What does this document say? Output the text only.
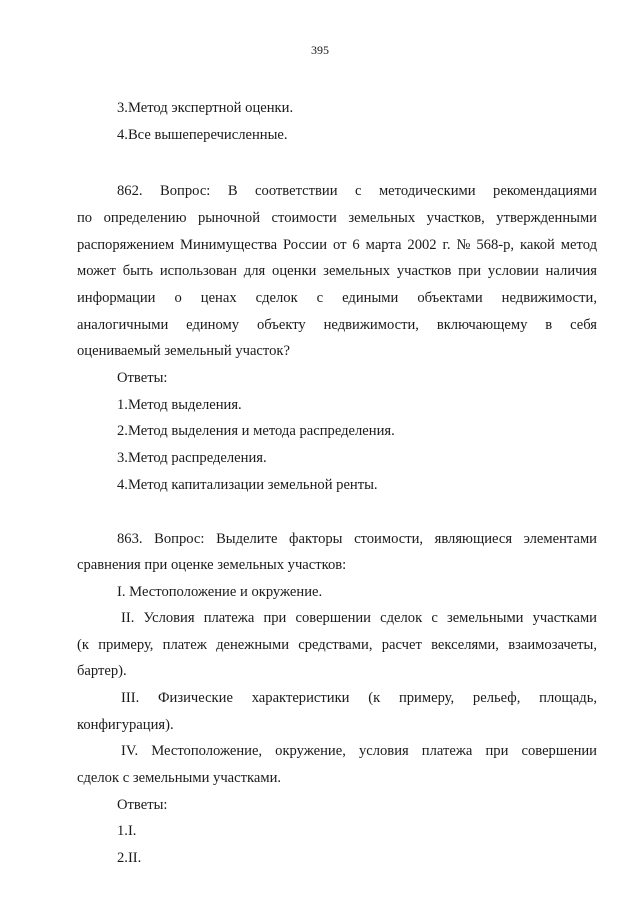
395
3.Метод экспертной оценки.
4.Все вышеперечисленные.
862. Вопрос: В соответствии с методическими рекомендациями
по определению рыночной стоимости земельных участков, утвержденными
распоряжением Минимущества России от 6 марта 2002 г. № 568-р, какой метод
может быть использован для оценки земельных участков при условии наличия
информации о ценах сделок с едиными объектами недвижимости,
аналогичными единому объекту недвижимости, включающему в себя
оцениваемый земельный участок?
Ответы:
1.Метод выделения.
2.Метод выделения и метода распределения.
3.Метод распределения.
4.Метод капитализации земельной ренты.
863. Вопрос: Выделите факторы стоимости, являющиеся элементами
сравнения при оценке земельных участков:
I. Местоположение и окружение.
II. Условия платежа при совершении сделок с земельными участками
(к примеру, платеж денежными средствами, расчет векселями, взаимозачеты,
бартер).
III. Физические характеристики (к примеру, рельеф, площадь,
конфигурация).
IV. Местоположение, окружение, условия платежа при совершении
сделок с земельными участками.
Ответы:
1.I.
2.II.
